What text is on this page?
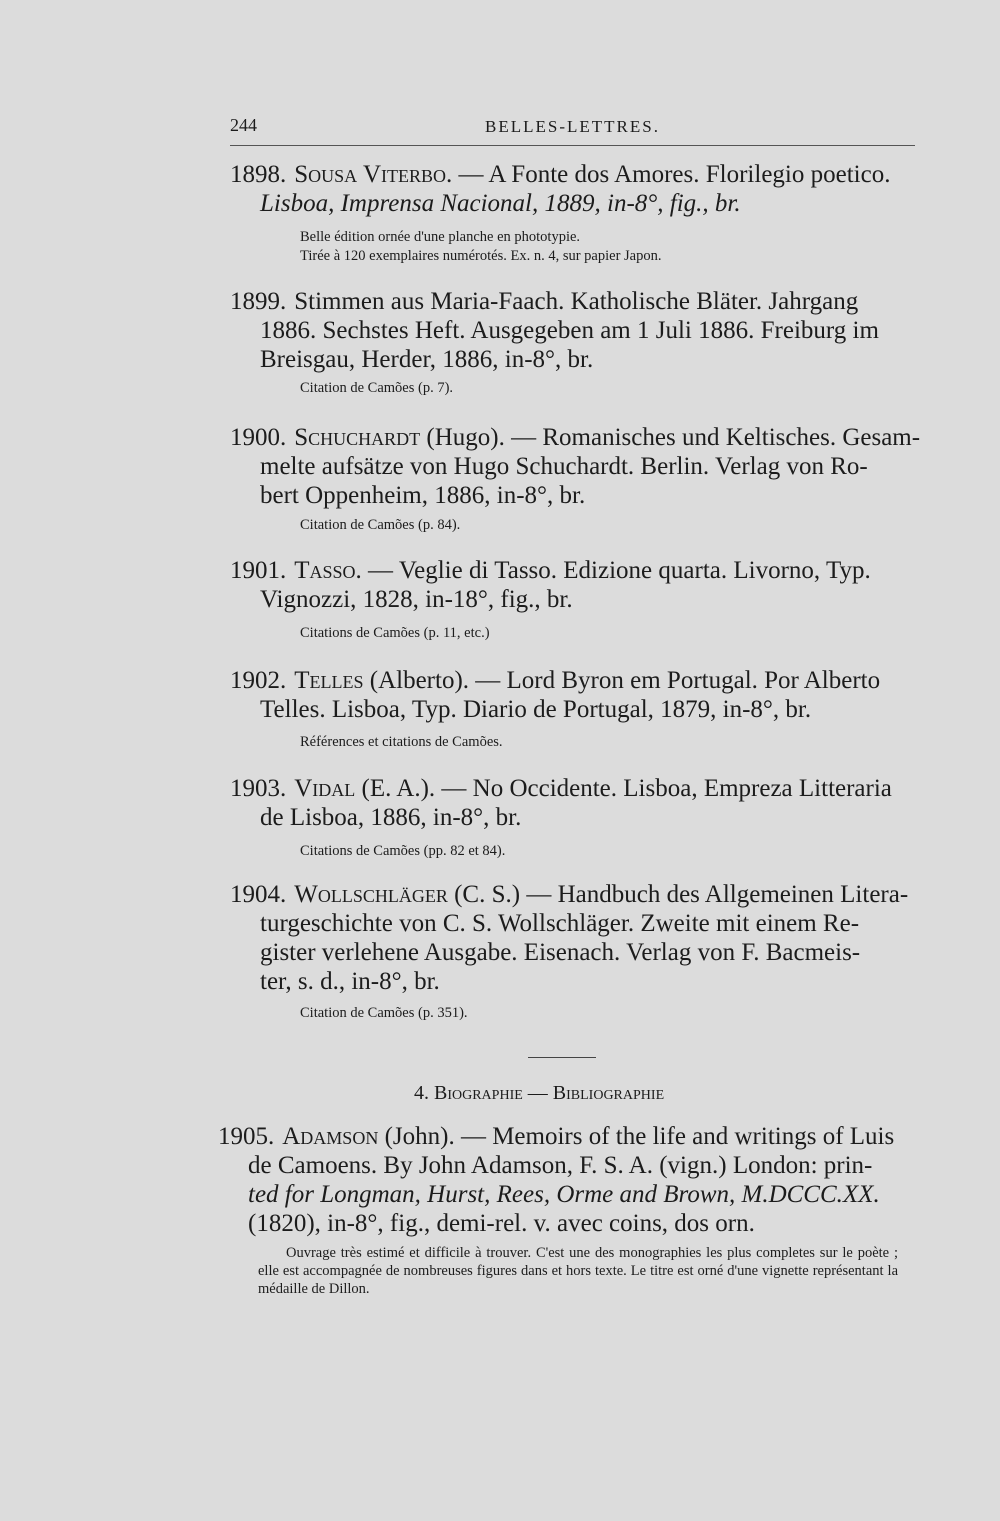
244	BELLES-LETTRES.
1898. Sousa Viterbo. — A Fonte dos Amores. Florilegio poetico.
Lisboa, Imprensa Nacional, 1889, in-8°, fig., br.
Belle édition ornée d'une planche en phototypie.
Tirée à 120 exemplaires numérotés. Ex. n. 4, sur papier Japon.
1899. Stimmen aus Maria-Faach. Katholische Bläter. Jahrgang
1886. Sechstes Heft. Ausgegeben am 1 Juli 1886. Freiburg im
Breisgau, Herder, 1886, in-8°, br.
Citation de Camões (p. 7).
1900. Schuchardt (Hugo). — Romanisches und Keltisches. Gesam-
melte aufsätze von Hugo Schuchardt. Berlin. Verlag von Ro-
bert Oppenheim, 1886, in-8°, br.
Citation de Camões (p. 84).
1901. Tasso. — Veglie di Tasso. Edizione quarta. Livorno, Typ.
Vignozzi, 1828, in-18°, fig., br.
Citations de Camões (p. 11, etc.)
1902. Telles (Alberto). — Lord Byron em Portugal. Por Alberto
Telles. Lisboa, Typ. Diario de Portugal, 1879, in-8°, br.
Références et citations de Camões.
1903. Vidal (E. A.). — No Occidente. Lisboa, Empreza Litteraria
de Lisboa, 1886, in-8°, br.
Citations de Camões (pp. 82 et 84).
1904. Wollschläger (C. S.) — Handbuch des Allgemeinen Litera-
turgeschichte von C. S. Wollschläger. Zweite mit einem Re-
gister verlehene Ausgabe. Eisenach. Verlag von F. Bacmeis-
ter, s. d., in-8°, br.
Citation de Camões (p. 351).
4. Biographie — Bibliographie
1905. Adamson (John). — Memoirs of the life and writings of Luis
de Camoens. By John Adamson, F. S. A. (vign.) London: prin-
ted for Longman, Hurst, Rees, Orme and Brown, M.DCCC.XX.
(1820), in-8°, fig., demi-rel. v. avec coins, dos orn.
Ouvrage très estimé et difficile à trouver. C'est une des monographies les plus completes sur le poète ; elle est accompagnée de nombreuses figures dans et hors texte. Le titre est orné d'une vignette représentant la médaille de Dillon.
